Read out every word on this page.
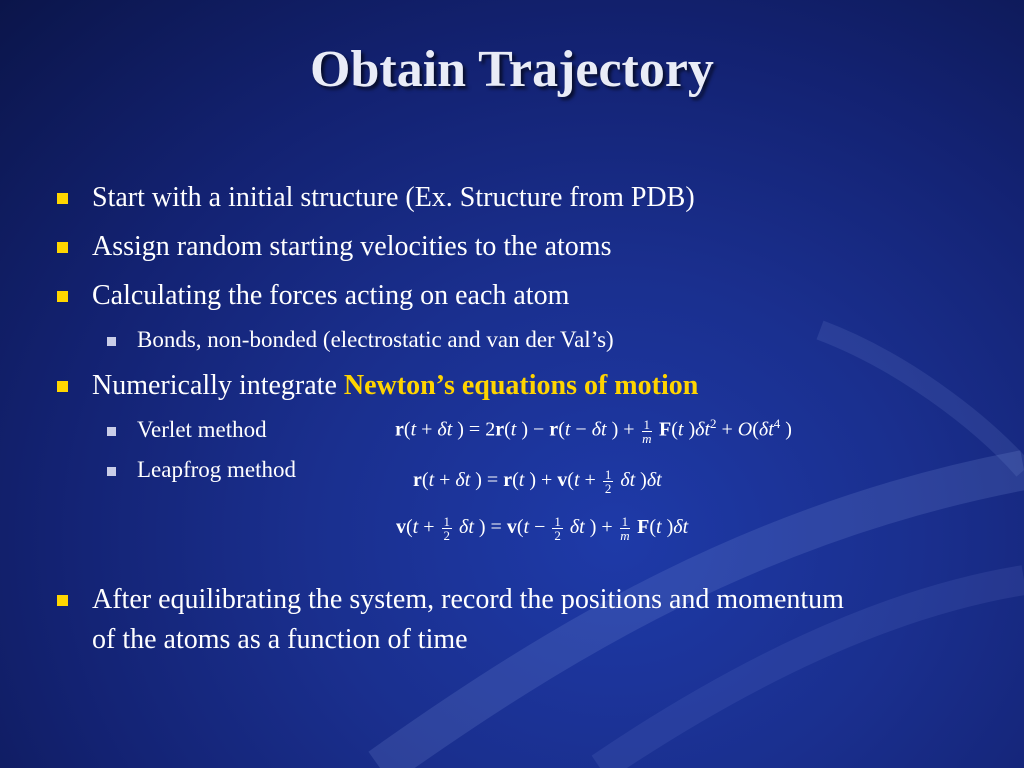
Obtain Trajectory
Start with a initial structure (Ex. Structure from PDB)
Assign random starting velocities to the atoms
Calculating the forces acting on each atom
Bonds, non-bonded (electrostatic and van der Val’s)
Numerically integrate Newton’s equations of motion
Verlet method
Leapfrog method
r(t + δt ) = 2r(t ) − r(t − δt ) + $\frac{1}{m} F(t$ )$\delta t^2 + O(\delta t^4$ )
r(t + δt ) = r(t ) + $v(t + \frac{1}{2}$ δt )δt
$v(t + \frac{1}{2}$ δt ) = $v(t - \frac{1}{2}$ δt ) + $\frac{1}{m} F(t$ )δt
After equilibrating the system, record the positions and momentum of the atoms as a function of time
